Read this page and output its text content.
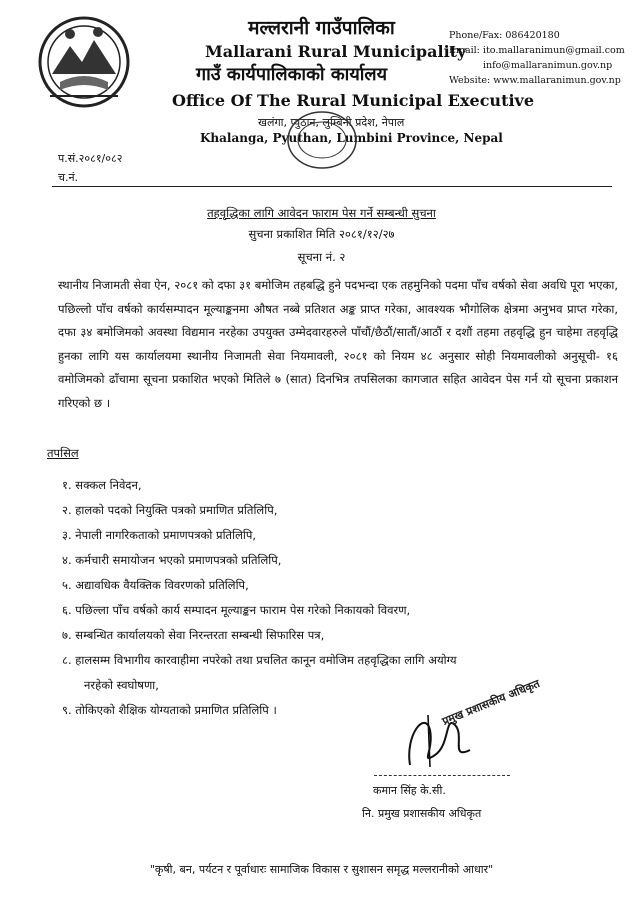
मल्लरानी गाउँपालिका
Mallarani Rural Municipality
गाउँ कार्यपालिकाको कार्यालय
Office Of The Rural Municipal Executive
खलंगा, प्युठान, लुम्बिनी प्रदेश, नेपाल
Khalanga, Pyuthan, Lumbini Province, Nepal
Phone/Fax: 086420180
Email: ito.mallaranimun@gmail.com
info@mallaranimun.gov.np
Website: www.mallaranimun.gov.np
प.सं.२०८१/०८२
च.नं.
तहवृद्धिका लागि आवेदन फाराम पेस गर्ने सम्बन्धी सुचना
सुचना प्रकाशित मिति २०८१/१२/२७
सूचना नं. २
स्थानीय निजामती सेवा ऐन, २०८१ को दफा ३१ बमोजिम तहबद्धि हुने पदभन्दा एक तहमुनिको पदमा पाँच वर्षको सेवा अवधि पूरा भएका, पछिल्लो पाँच वर्षको कार्यसम्पादन मूल्याङ्कनमा औषत नब्बे प्रतिशत अङ्क प्राप्त गरेका, आवश्यक भौगोलिक क्षेत्रमा अनुभव प्राप्त गरेका, दफा ३४ बमोजिमको अवस्था विद्यमान नरहेका उपयुक्त उम्मेदवारहरुले पाँचौं/छैठौं/सातौं/आठौं र दशौं तहमा तहवृद्धि हुन चाहेमा तहवृद्धि हुनका लागि यस कार्यालयमा स्थानीय निजामती सेवा नियमावली, २०८१ को नियम ४८ अनुसार सोही नियमावलीको अनुसूची- १६ वमोजिमको ढाँचामा सूचना प्रकाशित भएको मितिले ७ (सात) दिनभित्र तपसिलका कागजात सहित आवेदन पेस गर्न यो सूचना प्रकाशन गरिएको छ ।
तपसिल
१. सक्कल निवेदन,
२. हालको पदको नियुक्ति पत्रको प्रमाणित प्रतिलिपि,
३. नेपाली नागरिकताको प्रमाणपत्रको प्रतिलिपि,
४. कर्मचारी समायोजन भएको प्रमाणपत्रको प्रतिलिपि,
५. अद्यावधिक वैयक्तिक विवरणको प्रतिलिपि,
६. पछिल्ला पाँच वर्षको कार्य सम्पादन मूल्याङ्कन फाराम पेस गरेको निकायको विवरण,
७. सम्बन्धित कार्यालयको सेवा निरन्तरता सम्बन्धी सिफारिस पत्र,
८. हालसम्म विभागीय कारवाहीमा नपरेको तथा प्रचलित कानून वमोजिम तहवृद्धिका लागि अयोग्य
नरहेको स्वघोषणा,
९. तोकिएको शैक्षिक योग्यताको प्रमाणित प्रतिलिपि ।	प्रमुख प्रशासकीय अधिकृत
कमान सिंह के.सी.
नि. प्रमुख प्रशासकीय अधिकृत
"कृषी, बन, पर्यटन र पूर्वाधारः सामाजिक विकास र सुशासन समृद्ध मल्लरानीको आधार"
